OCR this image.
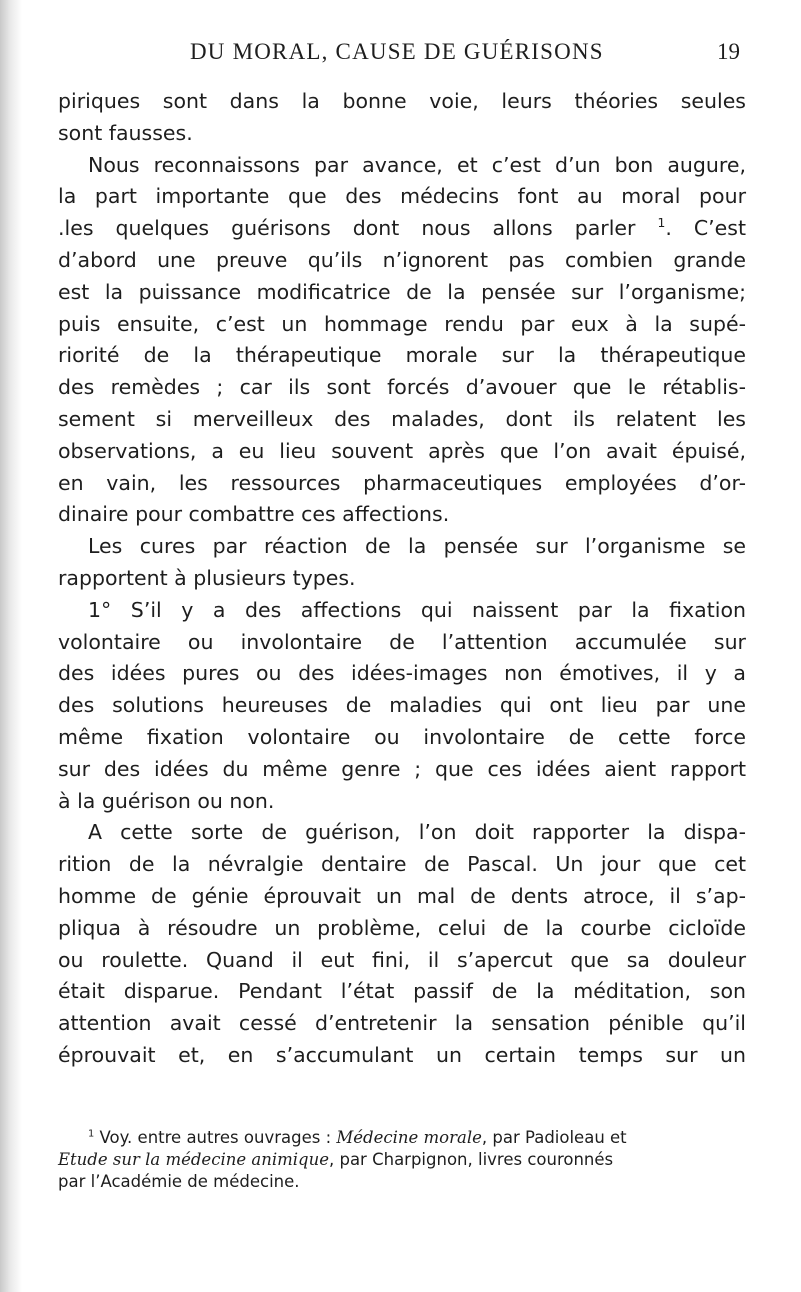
DU MORAL, CAUSE DE GUÉRISONS	19
piriques sont dans la bonne voie, leurs théories seules
sont fausses.
Nous reconnaissons par avance, et c’est d’un bon augure,
la part importante que des médecins font au moral pour
.les quelques guérisons dont nous allons parler $^1$. C’est
d’abord une preuve qu’ils n’ignorent pas combien grande
est la puissance modificatrice de la pensée sur l’organisme;
puis ensuite, c’est un hommage rendu par eux à la supé-
riorité de la thérapeutique morale sur la thérapeutique
des remèdes ; car ils sont forcés d’avouer que le rétablis-
sement si merveilleux des malades, dont ils relatent les
observations, a eu lieu souvent après que l’on avait épuisé,
en vain, les ressources pharmaceutiques employées d’or-
dinaire pour combattre ces affections.
Les cures par réaction de la pensée sur l’organisme se
rapportent à plusieurs types.
1° S’il y a des affections qui naissent par la fixation
volontaire ou involontaire de l’attention accumulée sur
des idées pures ou des idées-images non émotives, il y a
des solutions heureuses de maladies qui ont lieu par une
même fixation volontaire ou involontaire de cette force
sur des idées du même genre ; que ces idées aient rapport
à la guérison ou non.
A cette sorte de guérison, l’on doit rapporter la dispa-
rition de la névralgie dentaire de Pascal. Un jour que cet
homme de génie éprouvait un mal de dents atroce, il s’ap-
pliqua à résoudre un problème, celui de la courbe cicloïde
ou roulette. Quand il eut fini, il s’apercut que sa douleur
était disparue. Pendant l’état passif de la méditation, son
attention avait cessé d’entretenir la sensation pénible qu’il
éprouvait et, en s’accumulant un certain temps sur un
$^1$ Voy. entre autres ouvrages : Médecine morale, par Padioleau et
Etude sur la médecine animique, par Charpignon, livres couronnés
par l’Académie de médecine.
